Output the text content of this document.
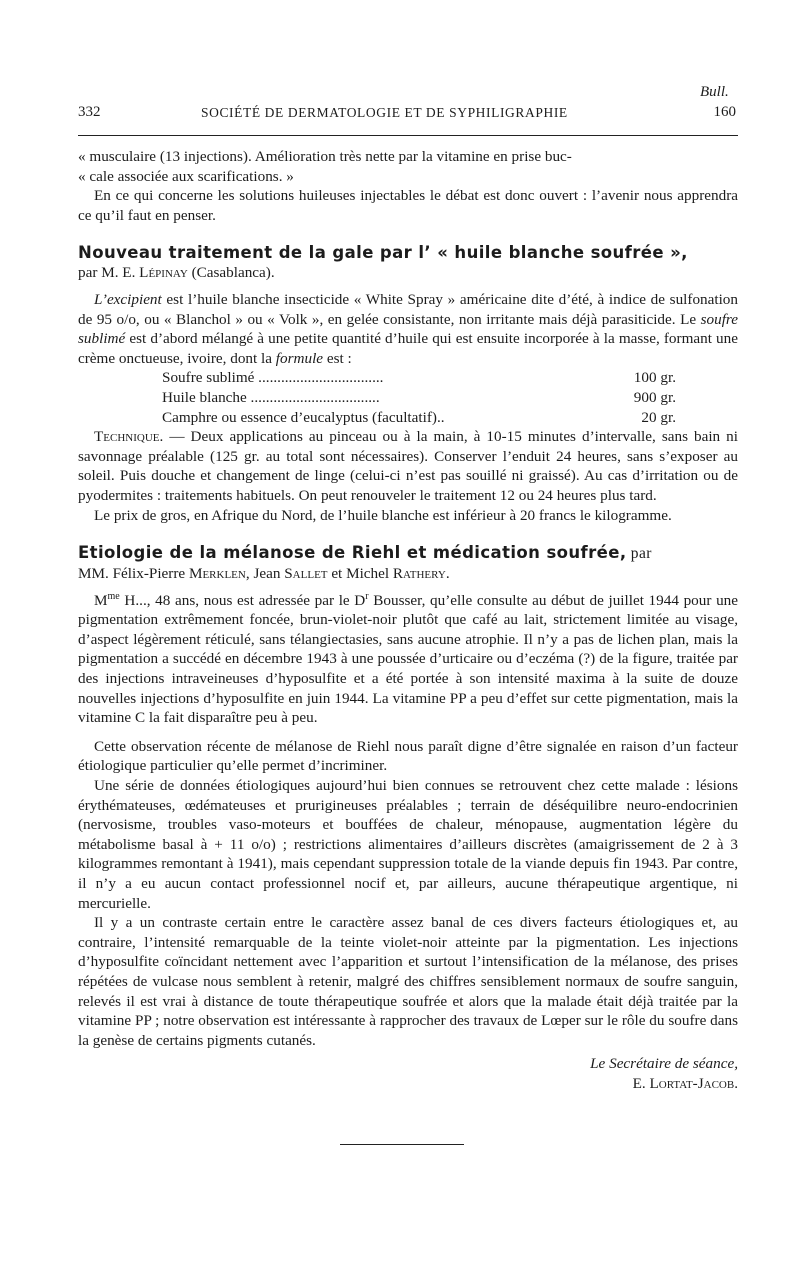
Bull.
332	SOCIÉTÉ DE DERMATOLOGIE ET DE SYPHILIGRAPHIE	160

« musculaire (13 injections). Amélioration très nette par la vitamine en prise buc-

« cale associée aux scarifications. »

En ce qui concerne les solutions huileuses injectables le débat est donc ouvert : l’avenir nous apprendra ce qu’il faut en penser.

Nouveau traitement de la gale par l’ « huile blanche soufrée »,

par M. E. Lépinay (Casablanca).

L’excipient est l’huile blanche insecticide « White Spray » américaine dite d’été, à indice de sulfonation de 95 o/o, ou « Blanchol » ou « Volk », en gelée consistante, non irritante mais déjà parasiticide. Le soufre sublimé est d’abord mélangé à une petite quantité d’huile qui est ensuite incorporée à la masse, formant une crème onctueuse, ivoire, dont la formule est :

Soufre sublimé .................................	100 gr.
Huile blanche ..................................	900 gr.
Camphre ou essence d’eucalyptus (facultatif)..	20 gr.

Technique. — Deux applications au pinceau ou à la main, à 10-15 minutes d’intervalle, sans bain ni savonnage préalable (125 gr. au total sont nécessaires). Conserver l’enduit 24 heures, sans s’exposer au soleil. Puis douche et changement de linge (celui-ci n’est pas souillé ni graissé). Au cas d’irritation ou de pyodermites : traitements habituels. On peut renouveler le traitement 12 ou 24 heures plus tard.

Le prix de gros, en Afrique du Nord, de l’huile blanche est inférieur à 20 francs le kilogramme.

Etiologie de la mélanose de Riehl et médication soufrée, par

MM. Félix-Pierre Merklen, Jean Sallet et Michel Rathery.

$M^{me}$ H..., 48 ans, nous est adressée par le $D^r$ Bousser, qu’elle consulte au début de juillet 1944 pour une pigmentation extrêmement foncée, brun-violet-noir plutôt que café au lait, strictement limitée au visage, d’aspect légèrement réticulé, sans télangiectasies, sans aucune atrophie. Il n’y a pas de lichen plan, mais la pigmentation a succédé en décembre 1943 à une poussée d’urticaire ou d’eczéma (?) de la figure, traitée par des injections intraveineuses d’hyposulfite et a été portée à son intensité maxima à la suite de douze nouvelles injections d’hyposulfite en juin 1944. La vitamine PP a peu d’effet sur cette pigmentation, mais la vitamine C la fait disparaître peu à peu.

Cette observation récente de mélanose de Riehl nous paraît digne d’être signalée en raison d’un facteur étiologique particulier qu’elle permet d’incriminer.

Une série de données étiologiques aujourd’hui bien connues se retrouvent chez cette malade : lésions érythémateuses, œdémateuses et prurigineuses préalables ; terrain de déséquilibre neuro-endocrinien (nervosisme, troubles vaso-moteurs et bouffées de chaleur, ménopause, augmentation légère du métabolisme basal à + 11 o/o) ; restrictions alimentaires d’ailleurs discrètes (amaigrissement de 2 à 3 kilogrammes remontant à 1941), mais cependant suppression totale de la viande depuis fin 1943. Par contre, il n’y a eu aucun contact professionnel nocif et, par ailleurs, aucune thérapeutique argentique, ni mercurielle.

Il y a un contraste certain entre le caractère assez banal de ces divers facteurs étiologiques et, au contraire, l’intensité remarquable de la teinte violet-noir atteinte par la pigmentation. Les injections d’hyposulfite coïncidant nettement avec l’apparition et surtout l’intensification de la mélanose, des prises répétées de vulcase nous semblent à retenir, malgré des chiffres sensiblement normaux de soufre sanguin, relevés il est vrai à distance de toute thérapeutique soufrée et alors que la malade était déjà traitée par la vitamine PP ; notre observation est intéressante à rapprocher des travaux de Lœper sur le rôle du soufre dans la genèse de certains pigments cutanés.

Le Secrétaire de séance,
E. Lortat-Jacob.
